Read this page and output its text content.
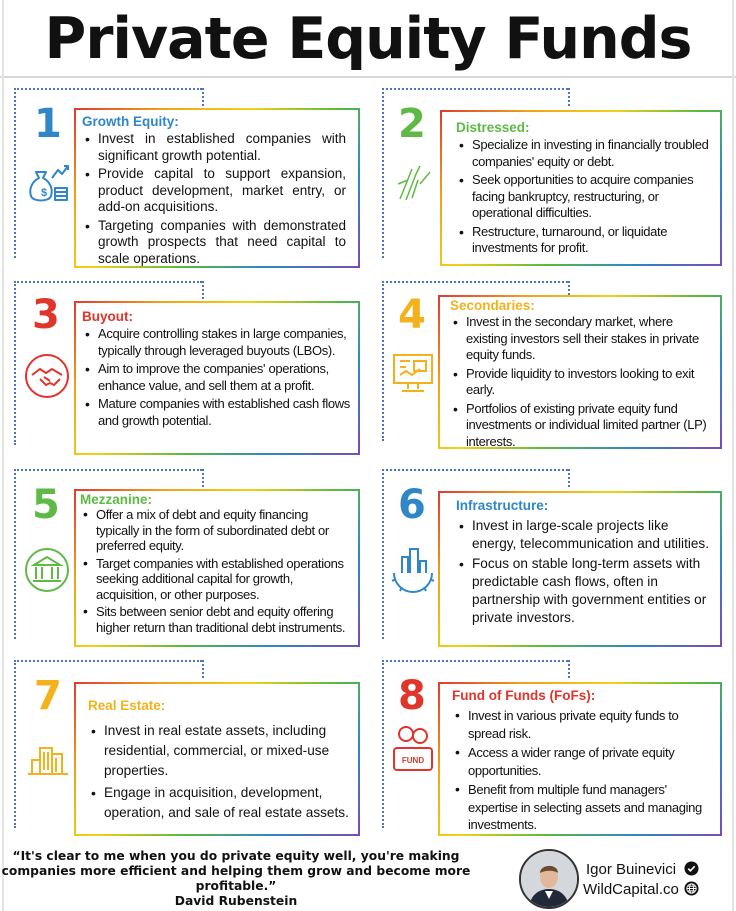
Private Equity Funds
1
$
Growth Equity:
• Invest in established companies with significant growth potential.
• Provide capital to support expansion, product development, market entry, or add-on acquisitions.
• Targeting companies with demonstrated growth prospects that need capital to scale operations.
2 Distressed:
• Specialize in investing in financially troubled companies' equity or debt.
• Seek opportunities to acquire companies facing bankruptcy, restructuring, or operational difficulties.
• Restructure, turnaround, or liquidate investments for profit.
3 Buyout:
• Acquire controlling stakes in large companies, typically through leveraged buyouts (LBOs).
• Aim to improve the companies' operations, enhance value, and sell them at a profit.
• Mature companies with established cash flows and growth potential.
4 Secondaries:
• Invest in the secondary market, where existing investors sell their stakes in private equity funds.
• Provide liquidity to investors looking to exit early.
• Portfolios of existing private equity fund investments or individual limited partner (LP) interests.
5 Mezzanine:
• Offer a mix of debt and equity financing typically in the form of subordinated debt or preferred equity.
• Target companies with established operations seeking additional capital for growth, acquisition, or other purposes.
• Sits between senior debt and equity offering higher return than traditional debt instruments.
6 Infrastructure:
• Invest in large-scale projects like energy, telecommunication and utilities.
• Focus on stable long-term assets with predictable cash flows, often in partnership with government entities or private investors.
7 Real Estate:
• Invest in real estate assets, including residential, commercial, or mixed-use properties.
• Engage in acquisition, development, operation, and sale of real estate assets.
8
FUND
Fund of Funds (FoFs):
• Invest in various private equity funds to spread risk.
• Access a wider range of private equity opportunities.
• Benefit from multiple fund managers' expertise in selecting assets and managing investments.
“It's clear to me when you do private equity well, you're making companies more efficient and helping them grow and become more profitable.”
David Rubenstein
Igor Buinevici
WildCapital.co
